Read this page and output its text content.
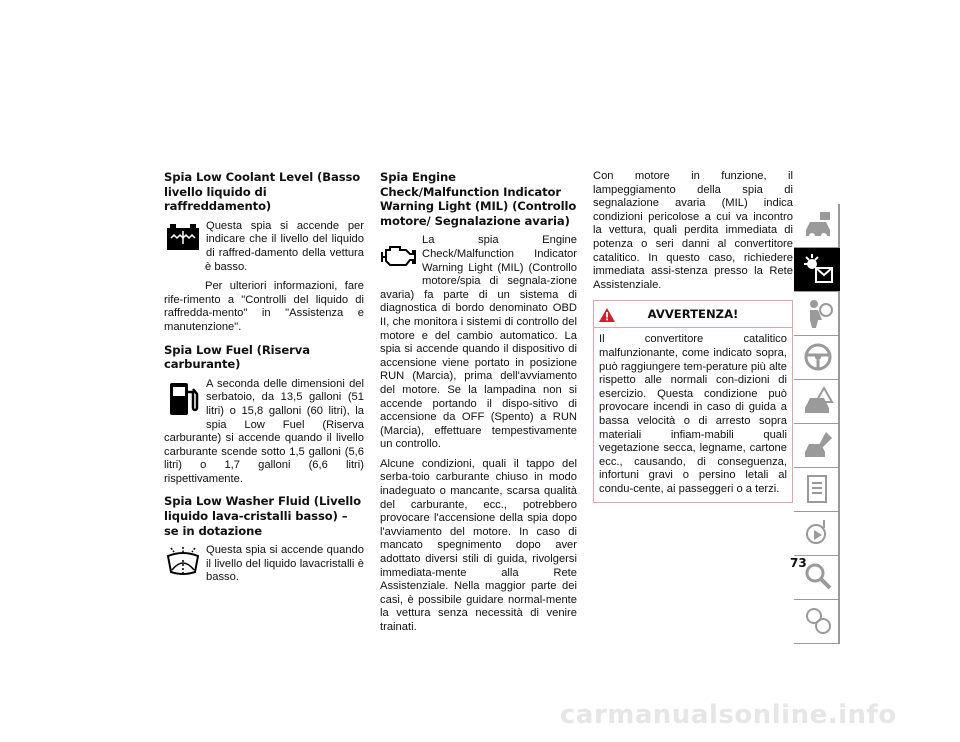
Spia Low Coolant Level (Basso livello liquido di raffreddamento)

Questa spia si accende per indicare che il livello del liquido di raffred-damento della vettura è basso.

Per ulteriori informazioni, fare rife-rimento a "Controlli del liquido di raffredda-mento" in "Assistenza e manutenzione".

Spia Low Fuel (Riserva carburante)

A seconda delle dimensioni del serbatoio, da 13,5 galloni (51 litri) o 15,8 galloni (60 litri), la spia Low Fuel (Riserva carburante) si accende quando il livello carburante scende sotto 1,5 galloni (5,6 litri) o 1,7 galloni (6,6 litri) rispettivamente.

Spia Low Washer Fluid (Livello liquido lava-cristalli basso) – se in dotazione

Questa spia si accende quando il livello del liquido lavacristalli è basso.

Spia Engine Check/Malfunction Indicator Warning Light (MIL) (Controllo motore/ Segnalazione avaria)

La spia Engine Check/Malfunction Indicator Warning Light (MIL) (Controllo motore/spia di segnala-zione avaria) fa parte di un sistema di diagnostica di bordo denominato OBD II, che monitora i sistemi di controllo del motore e del cambio automatico. La spia si accende quando il dispositivo di accensione viene portato in posizione RUN (Marcia), prima dell'avviamento del motore. Se la lampadina non si accende portando il dispo-sitivo di accensione da OFF (Spento) a RUN (Marcia), effettuare tempestivamente un controllo.

Alcune condizioni, quali il tappo del serba-toio carburante chiuso in modo inadeguato o mancante, scarsa qualità del carburante, ecc., potrebbero provocare l'accensione della spia dopo l'avviamento del motore. In caso di mancato spegnimento dopo aver adottato diversi stili di guida, rivolgersi immediata-mente alla Rete Assistenziale. Nella maggior parte dei casi, è possibile guidare normal-mente la vettura senza necessità di venire trainati.

Con motore in funzione, il lampeggiamento della spia di segnalazione avaria (MIL) indica condizioni pericolose a cui va incontro la vettura, quali perdita immediata di potenza o seri danni al convertitore catalitico. In questo caso, richiedere immediata assi-stenza presso la Rete Assistenziale.

AVVERTENZA!
Il convertitore catalitico malfunzionante, come indicato sopra, può raggiungere tem-perature più alte rispetto alle normali con-dizioni di esercizio. Questa condizione può provocare incendi in caso di guida a bassa velocità o di arresto sopra materiali infiam-mabili quali vegetazione secca, legname, cartone ecc., causando, di conseguenza, infortuni gravi o persino letali al condu-cente, ai passeggeri o a terzi.
73
carmanualsonline.info
